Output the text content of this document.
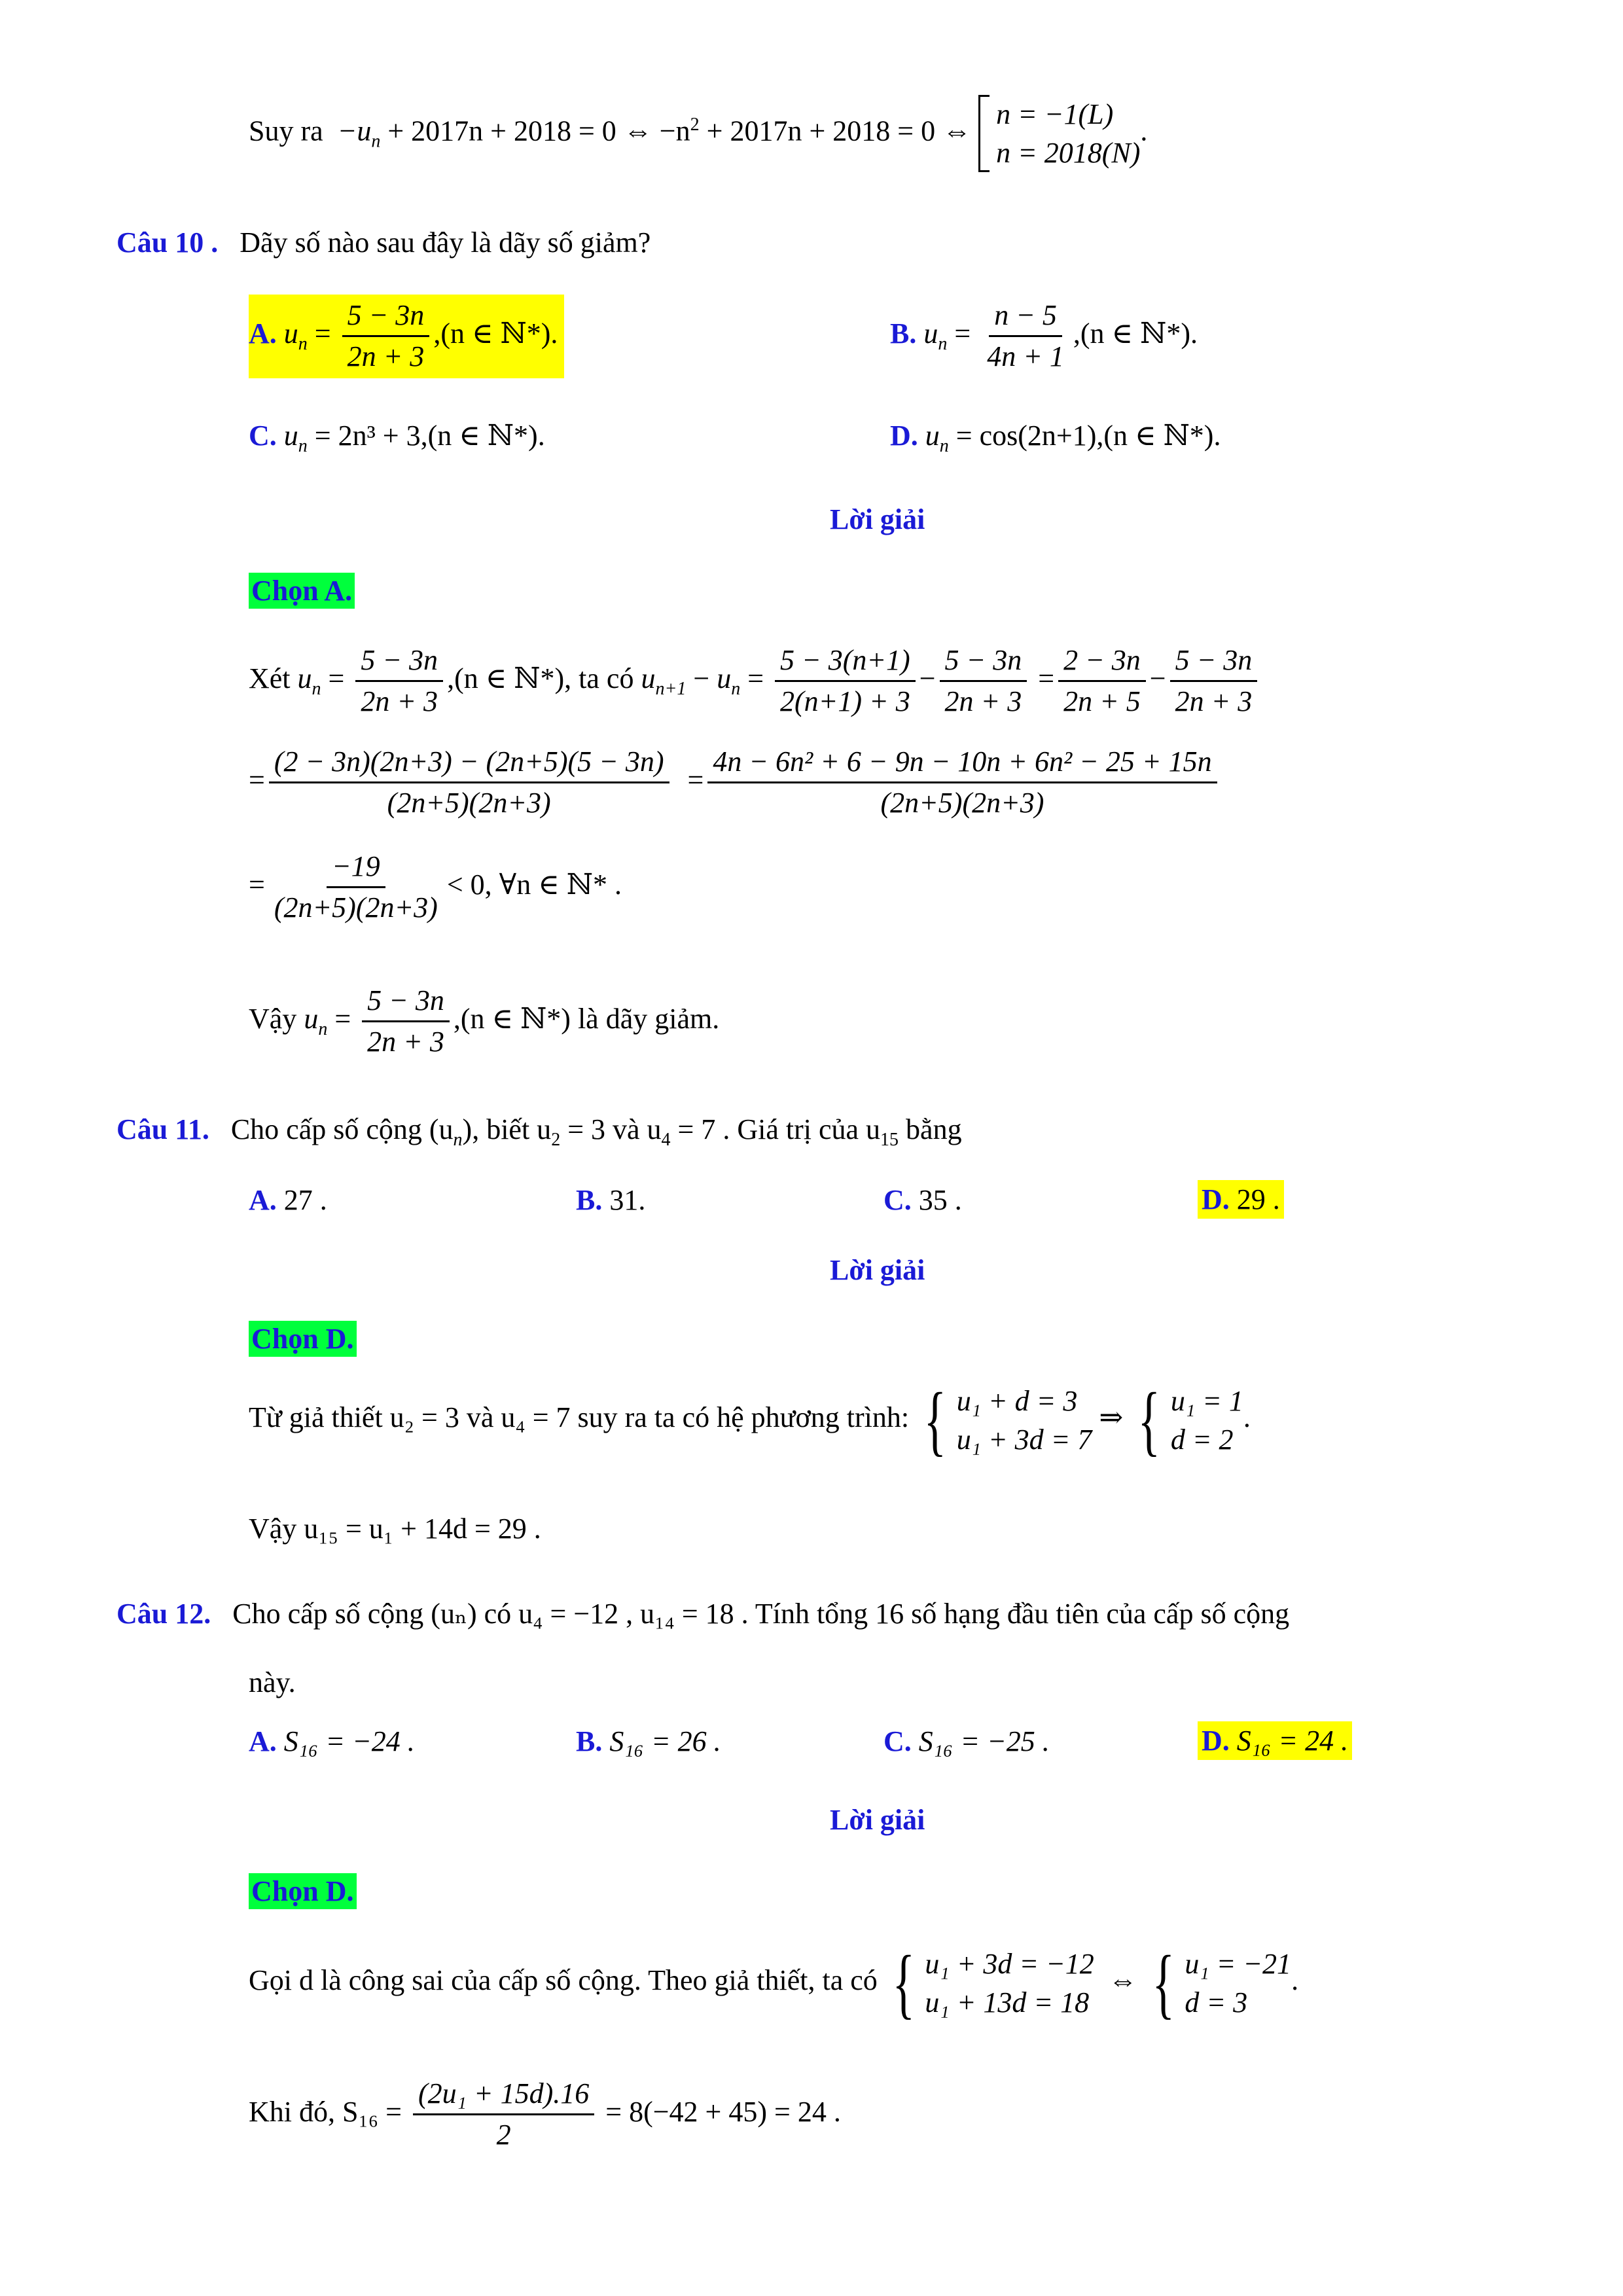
Suy ra $-u_n + 2017n + 2018 = 0$ ⇔ $-n^2 + 2017n + 2018 = 0$ ⇔
n = −1(L)
n = 2018(N)
.
Câu 10 . Dãy số nào sau đây là dãy số giảm?
A. $u_n = \frac{5 - 3n}{2n + 3} ,(n$ ∈ ℕ*).	B. $u_n = \frac{n - 5}{4n + 1} ,(n$ ∈ ℕ*).
C. $u_n = 2n^3 + 3,(n$ ∈ ℕ*).	D. $u_n = \cos(2n+1),(n$ ∈ ℕ*).
Lời giải
Chọn A.
Xét $u_n = \frac{5 - 3n}{2n + 3} ,(n$ ∈ ℕ*), ta có $u_{n+1} - u_n = \frac{5 - 3(n+1)}{2(n+1) + 3} - \frac{5 - 3n}{2n + 3} = \frac{2 - 3n}{2n + 5} - \frac{5 - 3n}{2n + 3}$
= $\frac{(2 - 3n)(2n+3) - (2n+5)(5 - 3n)}{(2n+5)(2n+3)} = \frac{\text{4n − 6n² + 6 − 9n − 10n + 6n² − 25 + 15n}}{(2n+5)(2n+3)}$
= $\frac{-19}{(2n+5)(2n+3)} < 0$, ∀n ∈ ℕ* .
Vậy $u_n = \frac{5 - 3n}{2n + 3} ,(n$ ∈ ℕ*) là dãy giảm.
Câu 11. Cho cấp số cộng $(u_n)$, biết $u_2 = 3$ và $u_4 = 7$ . Giá trị của $u_{15}$ bằng
A. 27 .	B. 31.	C. 35 .	D. 29 .
Lời giải
Chọn D.
Từ giả thiết u₂ = 3 và u₄ = 7 suy ra ta có hệ phương trình: { u₁ + d = 3
u₁ + 3d = 7
⇒ { u₁ = 1
d = 2
.
Vậy u₁₅ = u₁ + 14d = 29 .
Câu 12. Cho cấp số cộng (uₙ) có u₄ = −12 , u₁₄ = 18 . Tính tổng 16 số hạng đầu tiên của cấp số cộng
này.
A. S₁₆ = −24 .	B. S₁₆ = 26 .	C. S₁₆ = −25 .	D. S₁₆ = 24 .
Lời giải
Chọn D.
Gọi d là công sai của cấp số cộng. Theo giả thiết, ta có { u₁ + 3d = −12
u₁ + 13d = 18
⇔ { u₁ = −21
d = 3
.
Khi đó, $S_{16} = \frac{\text{(2u₁ + 15d).16}}{2} = 8(-42 + 45) = 24$ .
